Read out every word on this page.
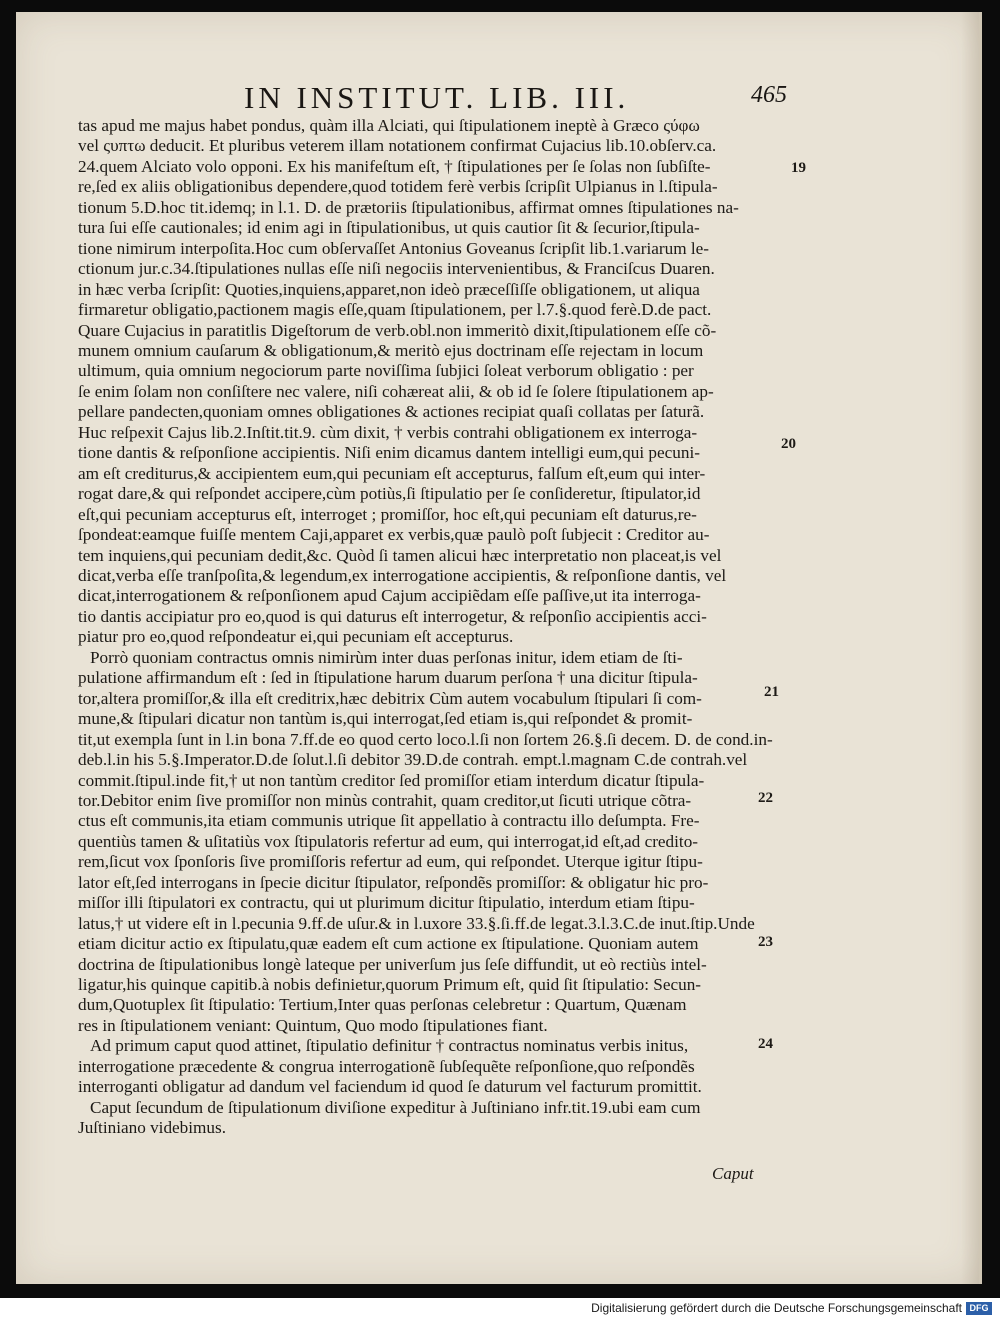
IN INSTITUT. LIB. III.	465
tas apud me majus habet pondus, quàm illa Alciati, qui ſtipulationem ineptè à Græco ςύφω
vel ςυπτω deducit. Et pluribus veterem illam notationem confirmat Cujacius lib.10.obſerv.ca.
24.quem Alciato volo opponi. Ex his manifeſtum eſt, † ſtipulationes per ſe ſolas non ſubſiſte-
re,ſed ex aliis obligationibus dependere,quod totidem ferè verbis ſcripſit Ulpianus in l.ſtipula-
tionum 5.D.hoc tit.idemq; in l.1. D. de prætoriis ſtipulationibus, affirmat omnes ſtipulationes na-
tura ſui eſſe cautionales; id enim agi in ſtipulationibus, ut quis cautior ſit & ſecurior,ſtipula-
tione nimirum interpoſita.Hoc cum obſervaſſet Antonius Goveanus ſcripſit lib.1.variarum le-
ctionum jur.c.34.ſtipulationes nullas eſſe niſi negociis intervenientibus, & Franciſcus Duaren.
in hæc verba ſcripſit: Quoties,inquiens,apparet,non ideò præceſſiſſe obligationem, ut aliqua
firmaretur obligatio,pactionem magis eſſe,quam ſtipulationem, per l.7.§.quod ferè.D.de pact.
Quare Cujacius in paratitlis Digeſtorum de verb.obl.non immeritò dixit,ſtipulationem eſſe cõ-
munem omnium cauſarum & obligationum,& meritò ejus doctrinam eſſe rejectam in locum
ultimum, quia omnium negociorum parte noviſſima ſubjici ſoleat verborum obligatio : per
ſe enim ſolam non conſiſtere nec valere, niſi cohæreat alii, & ob id ſe ſolere ſtipulationem ap-
pellare pandecten,quoniam omnes obligationes & actiones recipiat quaſi collatas per ſaturã.
Huc reſpexit Cajus lib.2.Inſtit.tit.9. cùm dixit, † verbis contrahi obligationem ex interroga-
tione dantis & reſponſione accipientis. Niſi enim dicamus dantem intelligi eum,qui pecuni-
am eſt crediturus,& accipientem eum,qui pecuniam eſt accepturus, falſum eſt,eum qui inter-
rogat dare,& qui reſpondet accipere,cùm potiùs,ſi ſtipulatio per ſe conſideretur, ſtipulator,id
eſt,qui pecuniam accepturus eſt, interroget ; promiſſor, hoc eſt,qui pecuniam eſt daturus,re-
ſpondeat:eamque fuiſſe mentem Caji,apparet ex verbis,quæ paulò poſt ſubjecit : Creditor au-
tem inquiens,qui pecuniam dedit,&c. Quòd ſi tamen alicui hæc interpretatio non placeat,is vel
dicat,verba eſſe tranſpoſita,& legendum,ex interrogatione accipientis, & reſponſione dantis, vel
dicat,interrogationem & reſponſionem apud Cajum accipiẽdam eſſe paſſive,ut ita interroga-
tio dantis accipiatur pro eo,quod is qui daturus eſt interrogetur, & reſponſio accipientis acci-
piatur pro eo,quod reſpondeatur ei,qui pecuniam eſt accepturus.
Porrò quoniam contractus omnis nimirùm inter duas perſonas initur, idem etiam de ſti-
pulatione affirmandum eſt : ſed in ſtipulatione harum duarum perſona † una dicitur ſtipula-
tor,altera promiſſor,& illa eſt creditrix,hæc debitrix Cùm autem vocabulum ſtipulari ſi com-
mune,& ſtipulari dicatur non tantùm is,qui interrogat,ſed etiam is,qui reſpondet & promit-
tit,ut exempla ſunt in l.in bona 7.ff.de eo quod certo loco.l.ſi non ſortem 26.§.ſi decem. D. de cond.in-
deb.l.in his 5.§.Imperator.D.de ſolut.l.ſi debitor 39.D.de contrah. empt.l.magnam C.de contrah.vel
commit.ſtipul.inde fit,† ut non tantùm creditor ſed promiſſor etiam interdum dicatur ſtipula-
tor.Debitor enim ſive promiſſor non minùs contrahit, quam creditor,ut ſicuti utrique cõtra-
ctus eſt communis,ita etiam communis utrique ſit appellatio à contractu illo deſumpta. Fre-
quentiùs tamen & uſitatiùs vox ſtipulatoris refertur ad eum, qui interrogat,id eſt,ad credito-
rem,ſicut vox ſponſoris ſive promiſſoris refertur ad eum, qui reſpondet. Uterque igitur ſtipu-
lator eſt,ſed interrogans in ſpecie dicitur ſtipulator, reſpondẽs promiſſor: & obligatur hic pro-
miſſor illi ſtipulatori ex contractu, qui ut plurimum dicitur ſtipulatio, interdum etiam ſtipu-
latus,† ut videre eſt in l.pecunia 9.ff.de uſur.& in l.uxore 33.§.ſi.ff.de legat.3.l.3.C.de inut.ſtip.Unde
etiam dicitur actio ex ſtipulatu,quæ eadem eſt cum actione ex ſtipulatione. Quoniam autem
doctrina de ſtipulationibus longè lateque per univerſum jus ſeſe diffundit, ut eò rectiùs intel-
ligatur,his quinque capitib.à nobis definietur,quorum Primum eſt, quid ſit ſtipulatio: Secun-
dum,Quotuplex ſit ſtipulatio: Tertium,Inter quas perſonas celebretur : Quartum, Quænam
res in ſtipulationem veniant: Quintum, Quo modo ſtipulationes fiant.
Ad primum caput quod attinet, ſtipulatio definitur † contractus nominatus verbis initus,
interrogatione præcedente & congrua interrogationẽ ſubſequẽte reſponſione,quo reſpondẽs
interroganti obligatur ad dandum vel faciendum id quod ſe daturum vel facturum promittit.
Caput ſecundum de ſtipulationum diviſione expeditur à Juſtiniano infr.tit.19.ubi eam cum
Juſtiniano videbimus.
19
20
21
22
23
24
Caput
Digitalisierung gefördert durch die Deutsche Forschungsgemeinschaft DFG
